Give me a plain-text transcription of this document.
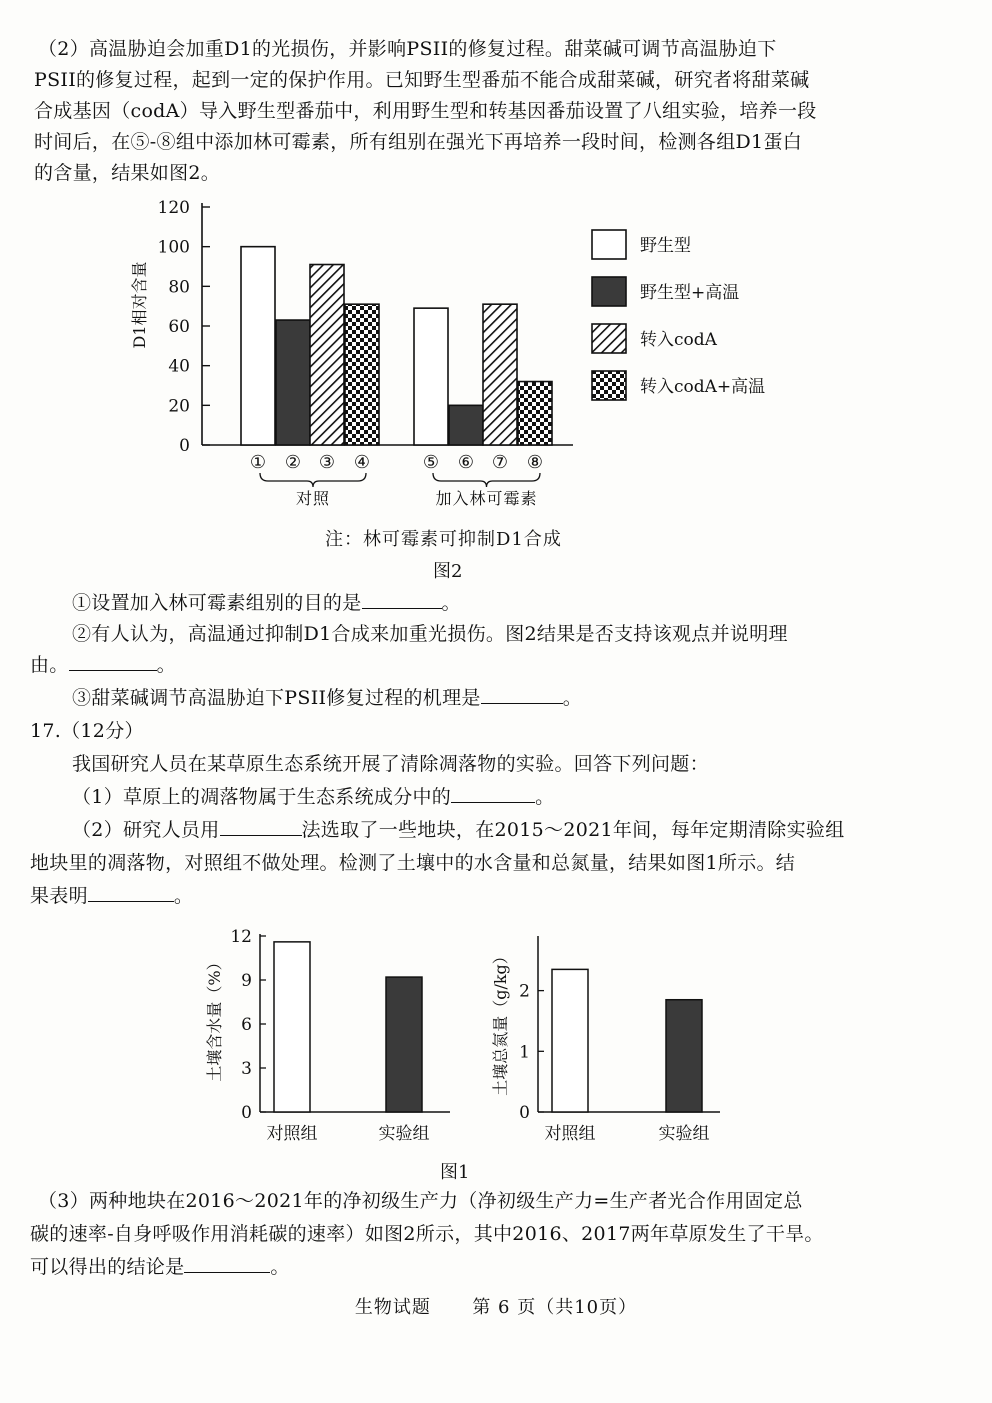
（2）高温胁迫会加重D1的光损伤，并影响PSII的修复过程。甜菜碱可调节高温胁迫下
PSII的修复过程，起到一定的保护作用。已知野生型番茄不能合成甜菜碱，研究者将甜菜碱
合成基因（codA）导入野生型番茄中，利用野生型和转基因番茄设置了八组实验，培养一段
时间后，在⑤-⑧组中添加林可霉素，所有组别在强光下再培养一段时间，检测各组D1蛋白
的含量，结果如图2。
D1相对含量
0
20
40
60
80
100
120
① ② ③ ④	⑤ ⑥ ⑦ ⑧
对照	加入林可霉素
野生型
野生型+高温
转入codA
转入codA+高温
注：林可霉素可抑制D1合成
图2
①设置加入林可霉素组别的目的是	。
②有人认为，高温通过抑制D1合成来加重光损伤。图2结果是否支持该观点并说明理
由。	。
③甜菜碱调节高温胁迫下PSII修复过程的机理是	。
17.（12分）
我国研究人员在某草原生态系统开展了清除凋落物的实验。回答下列问题：
（1）草原上的凋落物属于生态系统成分中的	。
（2）研究人员用	法选取了一些地块，在2015～2021年间，每年定期清除实验组
地块里的凋落物，对照组不做处理。检测了土壤中的水含量和总氮量，结果如图1所示。结
果表明	。
土壤含水量（%）
0
3
6
9
12
对照组	实验组
土壤总氮量（g/kg）
0
1
2
对照组	实验组
图1
（3）两种地块在2016～2021年的净初级生产力（净初级生产力=生产者光合作用固定总
碳的速率-自身呼吸作用消耗碳的速率）如图2所示，其中2016、2017两年草原发生了干旱。
可以得出的结论是	。
生物试题 第 6 页（共10页）
